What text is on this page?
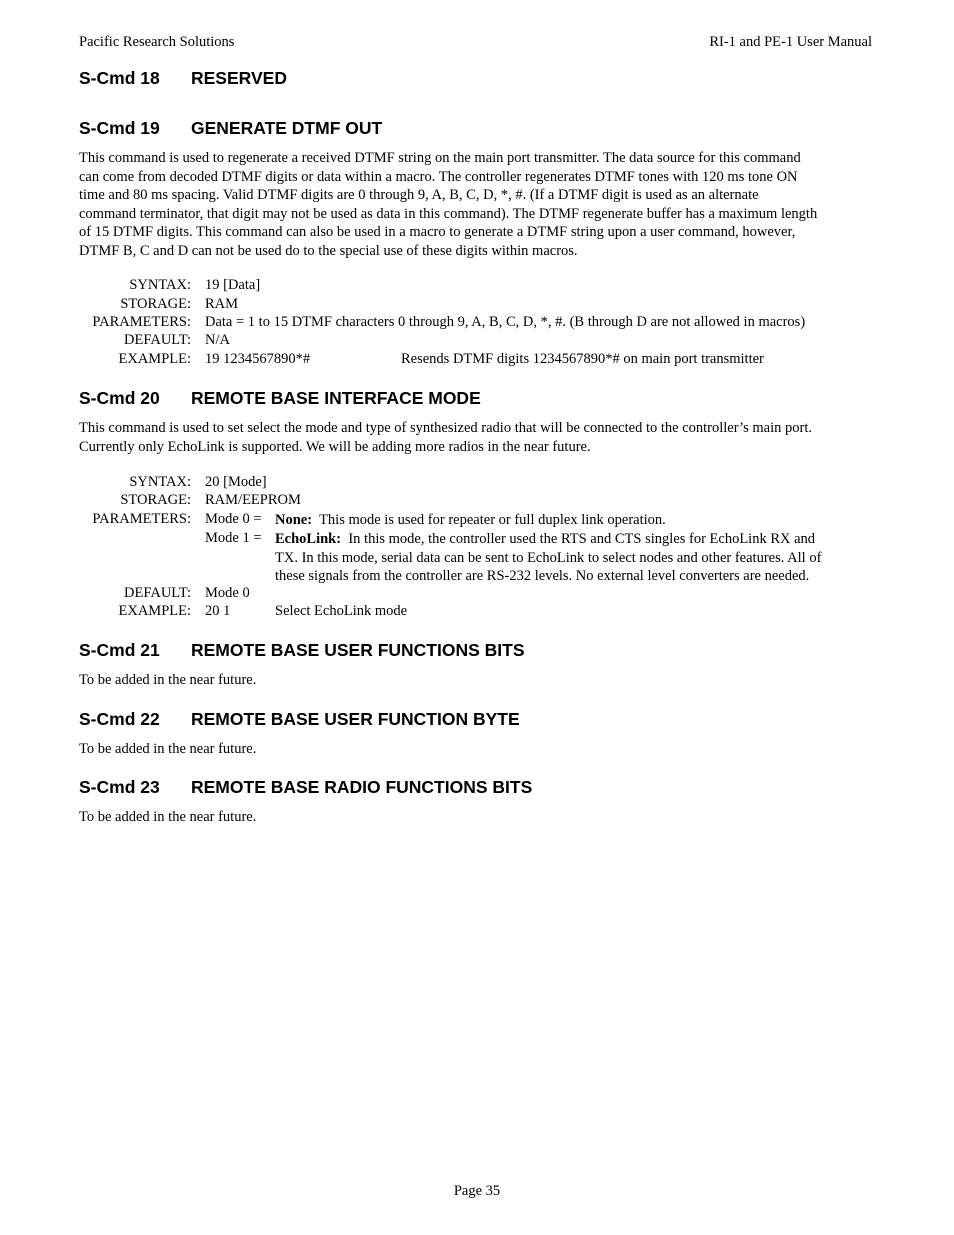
Pacific Research Solutions	RI-1 and PE-1 User Manual
S-Cmd 18 RESERVED
S-Cmd 19 GENERATE DTMF OUT
This command is used to regenerate a received DTMF string on the main port transmitter. The data source for this command
can come from decoded DTMF digits or data within a macro. The controller regenerates DTMF tones with 120 ms tone ON
time and 80 ms spacing. Valid DTMF digits are 0 through 9, A, B, C, D, *, #. (If a DTMF digit is used as an alternate
command terminator, that digit may not be used as data in this command). The DTMF regenerate buffer has a maximum length
of 15 DTMF digits. This command can also be used in a macro to generate a DTMF string upon a user command, however,
DTMF B, C and D can not be used do to the special use of these digits within macros.
SYNTAX: 19 [Data]
STORAGE: RAM
PARAMETERS: Data = 1 to 15 DTMF characters 0 through 9, A, B, C, D, *, #. (B through D are not allowed in macros)
DEFAULT: N/A
EXAMPLE: 19 1234567890*#	Resends DTMF digits 1234567890*# on main port transmitter
S-Cmd 20 REMOTE BASE INTERFACE MODE
This command is used to set select the mode and type of synthesized radio that will be connected to the controller’s main port.
Currently only EchoLink is supported. We will be adding more radios in the near future.
SYNTAX: 20 [Mode]
STORAGE: RAM/EEPROM
PARAMETERS: Mode 0 = None: This mode is used for repeater or full duplex link operation.
Mode 1 = EchoLink: In this mode, the controller used the RTS and CTS singles for EchoLink RX and
TX. In this mode, serial data can be sent to EchoLink to select nodes and other features. All of
these signals from the controller are RS-232 levels. No external level converters are needed.
DEFAULT: Mode 0
EXAMPLE: 20 1	Select EchoLink mode
S-Cmd 21 REMOTE BASE USER FUNCTIONS BITS
To be added in the near future.
S-Cmd 22 REMOTE BASE USER FUNCTION BYTE
To be added in the near future.
S-Cmd 23 REMOTE BASE RADIO FUNCTIONS BITS
To be added in the near future.
Page 35
